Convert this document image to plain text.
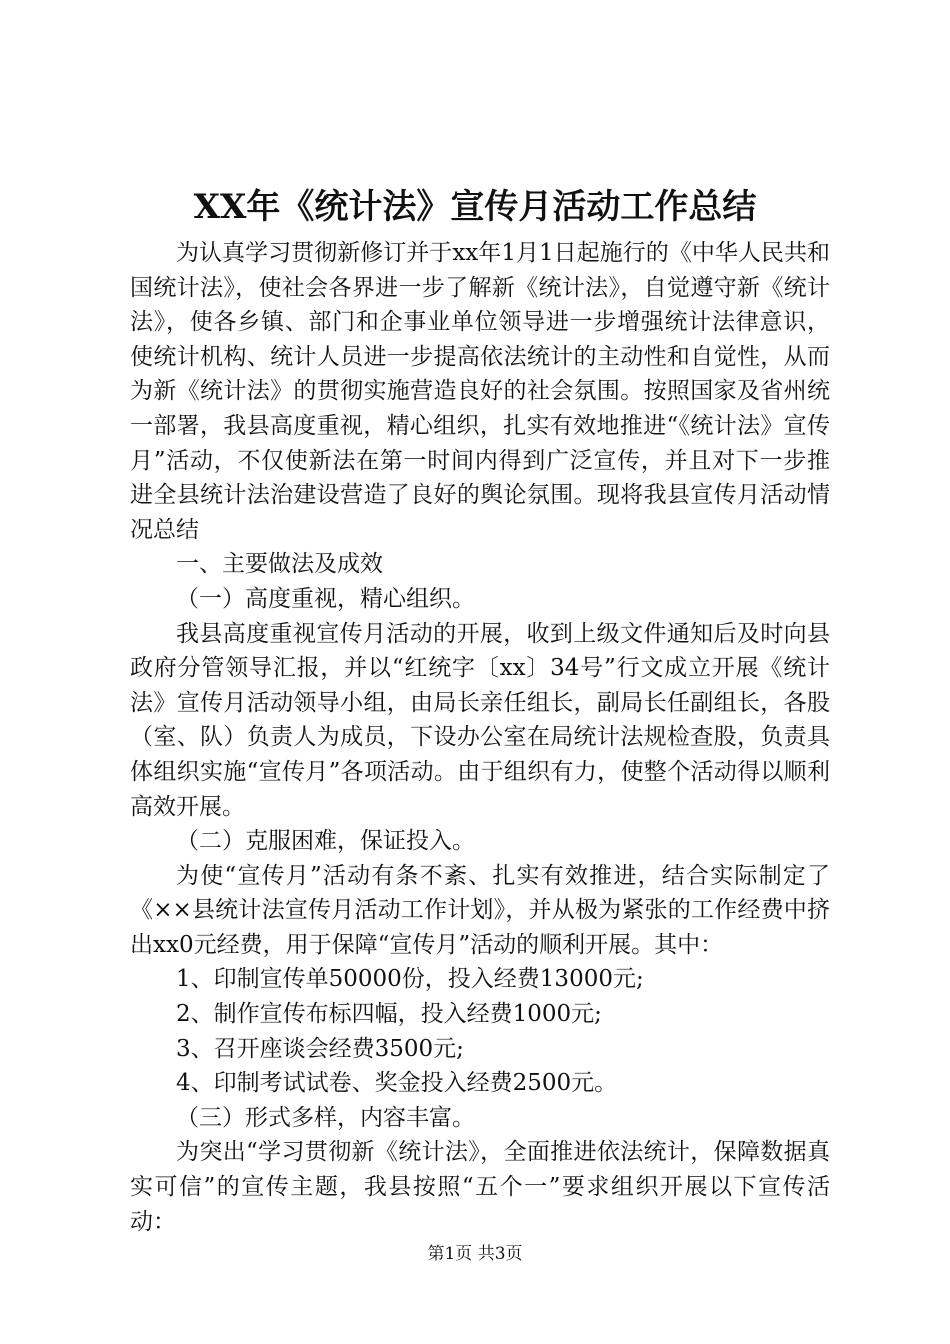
XX年《统计法》宣传月活动工作总结

为认真学习贯彻新修订并于xx年1月1日起施行的《中华人民共和国统计法》，使社会各界进一步了解新《统计法》，自觉遵守新《统计法》，使各乡镇、部门和企事业单位领导进一步增强统计法律意识，使统计机构、统计人员进一步提高依法统计的主动性和自觉性，从而为新《统计法》的贯彻实施营造良好的社会氛围。按照国家及省州统一部署，我县高度重视，精心组织，扎实有效地推进“《统计法》宣传月”活动，不仅使新法在第一时间内得到广泛宣传，并且对下一步推进全县统计法治建设营造了良好的舆论氛围。现将我县宣传月活动情况总结

一、主要做法及成效

（一）高度重视，精心组织。

我县高度重视宣传月活动的开展，收到上级文件通知后及时向县政府分管领导汇报，并以“红统字〔xx〕34号”行文成立开展《统计法》宣传月活动领导小组，由局长亲任组长，副局长任副组长，各股（室、队）负责人为成员，下设办公室在局统计法规检查股，负责具体组织实施“宣传月”各项活动。由于组织有力，使整个活动得以顺利高效开展。

（二）克服困难，保证投入。

为使“宣传月”活动有条不紊、扎实有效推进，结合实际制定了《××县统计法宣传月活动工作计划》，并从极为紧张的工作经费中挤出xx0元经费，用于保障“宣传月”活动的顺利开展。其中：

1、印制宣传单50000份，投入经费13000元;

2、制作宣传布标四幅，投入经费1000元;

3、召开座谈会经费3500元;

4、印制考试试卷、奖金投入经费2500元。

（三）形式多样，内容丰富。

为突出“学习贯彻新《统计法》，全面推进依法统计，保障数据真实可信”的宣传主题，我县按照“五个一”要求组织开展以下宣传活动：

第1页 共3页
